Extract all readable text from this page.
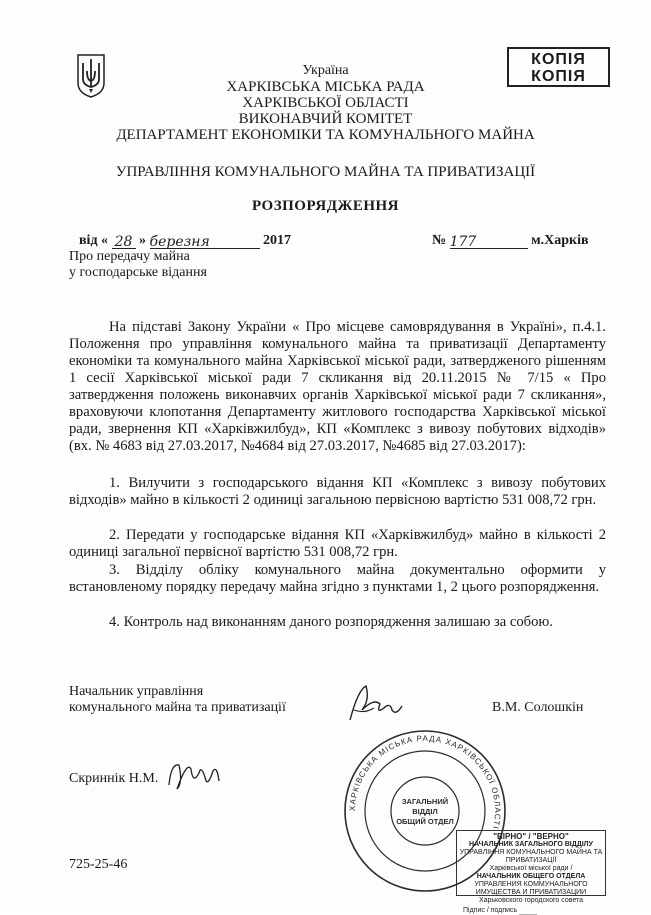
КОПІЯ
КОПІЯ
Україна
ХАРКІВСЬКА МІСЬКА РАДА
ХАРКІВСЬКОЇ ОБЛАСТІ
ВИКОНАВЧИЙ КОМІТЕТ
ДЕПАРТАМЕНТ ЕКОНОМІКИ ТА КОМУНАЛЬНОГО МАЙНА
УПРАВЛІННЯ КОМУНАЛЬНОГО МАЙНА ТА ПРИВАТИЗАЦІЇ
РОЗПОРЯДЖЕННЯ
від « 28 » березня	2017	№ 177	м.Харків
Про передачу майна
у господарське відання
На підставі Закону України « Про місцеве самоврядування в Україні», п.4.1. Положення про управління комунального майна та приватизації Департаменту економіки та комунального майна Харківської міської ради, затвердженого рішенням 1 сесії Харківської міської ради 7 скликання від 20.11.2015 № 7/15 « Про затвердження положень виконавчих органів Харківської міської ради 7 скликання», враховуючи клопотання Департаменту житлового господарства Харківської міської ради, звернення КП «Харківжилбуд», КП «Комплекс з вивозу побутових відходів» (вх. № 4683 від 27.03.2017, №4684 від 27.03.2017, №4685 від 27.03.2017):
1. Вилучити з господарського відання КП «Комплекс з вивозу побутових відходів» майно в кількості 2 одиниці загальною первісною вартістю 531 008,72 грн.
2. Передати у господарське відання КП «Харківжилбуд» майно в кількості 2 одиниці загальної первісної вартістю 531 008,72 грн.
3. Відділу обліку комунального майна документально оформити у встановленому порядку передачу майна згідно з пунктами 1, 2 цього розпорядження.
4. Контроль над виконанням даного розпорядження залишаю за собою.
Начальник управління
комунального майна та приватизації	В.М. Солошкін
Скриннік Н.М.
725-25-46
ХАРКІВСЬКА МІСЬКА РАДА ХАРКІВСЬКОЇ ОБЛАСТІ
ЗАГАЛЬНИЙ
ВІДДІЛ
ОБЩИЙ ОТДЕЛ
"ВІРНО" / "ВЕРНО"
НАЧАЛЬНИК ЗАГАЛЬНОГО ВІДДІЛУ
УПРАВЛІННЯ КОМУНАЛЬНОГО МАЙНА ТА ПРИВАТИЗАЦІЇ
Харківської міської ради /
НАЧАЛЬНИК ОБЩЕГО ОТДЕЛА
УПРАВЛЕНИЯ КОММУНАЛЬНОГО ИМУЩЕСТВА И ПРИВАТИЗАЦИИ
Харьковского городского совета
Підпис / подпись ____
